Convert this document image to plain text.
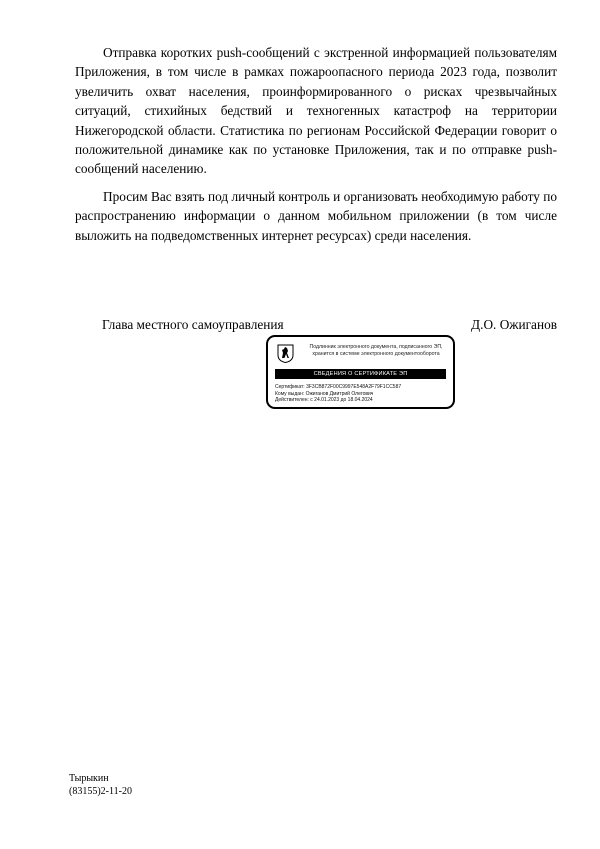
Отправка коротких push-сообщений с экстренной информацией пользователям Приложения, в том числе в рамках пожароопасного периода 2023 года, позволит увеличить охват населения, проинформированного о рисках чрезвычайных ситуаций, стихийных бедствий и техногенных катастроф на территории Нижегородской области. Статистика по регионам Российской Федерации говорит о положительной динамике как по установке Приложения, так и по отправке push-сообщений населению.

Просим Вас взять под личный контроль и организовать необходимую работу по распространению информации о данном мобильном приложении (в том числе выложить на подведомственных интернет ресурсах) среди населения.

Глава местного самоуправления	Д.О. Ожиганов
Подлинник электронного документа, подписанного ЭП, хранится в системе электронного документооборота
СВЕДЕНИЯ О СЕРТИФИКАТЕ ЭП
Сертификат: 3F3CB872F00C9997E548A2F79F1CC587
Кому выдан: Ожиганов Дмитрий Олегович
Действителен: с 24.01.2023 до 18.04.2024
Тырыкин
(83155)2-11-20
